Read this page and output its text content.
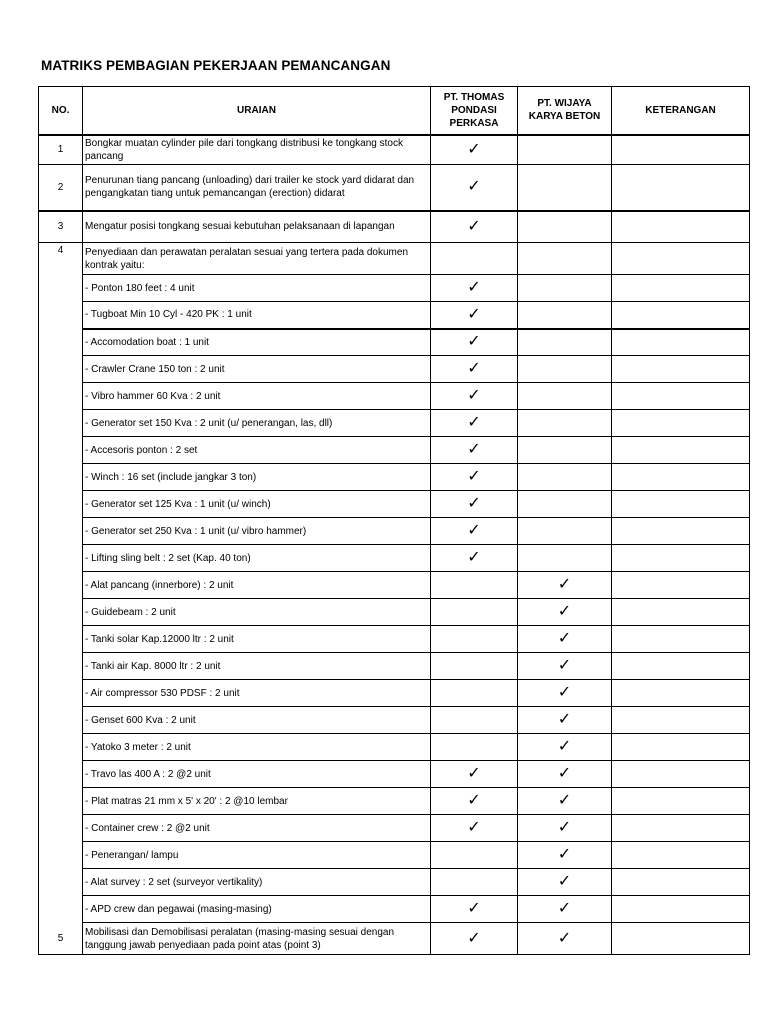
MATRIKS PEMBAGIAN PEKERJAAN PEMANCANGAN
NO.	URAIAN	PT. THOMAS PONDASI PERKASA	PT. WIJAYA KARYA BETON	KETERANGAN
1	Bongkar muatan cylinder pile dari tongkang distribusi ke tongkang stock pancang	✓		
2	Penurunan tiang pancang (unloading) dari trailer ke stock yard didarat dan pengangkatan tiang untuk pemancangan (erection) didarat	✓		
3	Mengatur posisi tongkang sesuai kebutuhan pelaksanaan di lapangan	✓		
4	Penyediaan dan perawatan peralatan sesuai yang tertera pada dokumen kontrak yaitu:			
	- Ponton 180 feet : 4 unit	✓		
	- Tugboat Min 10 Cyl - 420 PK : 1 unit	✓		
	- Accomodation boat : 1 unit	✓		
	- Crawler Crane 150 ton : 2 unit	✓		
	- Vibro hammer 60 Kva : 2 unit	✓		
	- Generator set 150 Kva : 2 unit (u/ penerangan, las, dll)	✓		
	- Accesoris ponton : 2 set	✓		
	- Winch : 16 set (include jangkar 3 ton)	✓		
	- Generator set 125 Kva : 1 unit (u/ winch)	✓		
	- Generator set 250 Kva : 1 unit (u/ vibro hammer)	✓		
	- Lifting sling belt : 2 set (Kap. 40 ton)	✓		
	- Alat pancang (innerbore) : 2 unit		✓	
	- Guidebeam : 2 unit		✓	
	- Tanki solar Kap.12000 ltr : 2 unit		✓	
	- Tanki air Kap. 8000 ltr : 2 unit		✓	
	- Air compressor 530 PDSF : 2 unit		✓	
	- Genset 600 Kva : 2 unit		✓	
	- Yatoko 3 meter : 2 unit		✓	
	- Travo las 400 A : 2 @2 unit	✓	✓	
	- Plat matras 21 mm x 5' x 20' : 2 @10 lembar	✓	✓	
	- Container crew : 2 @2 unit	✓	✓	
	- Penerangan/ lampu		✓	
	- Alat survey : 2 set (surveyor vertikality)		✓	
	- APD crew dan pegawai (masing-masing)	✓	✓	
5	Mobilisasi dan Demobilisasi peralatan (masing-masing sesuai dengan tanggung jawab penyediaan pada point atas (point 3)	✓	✓	
